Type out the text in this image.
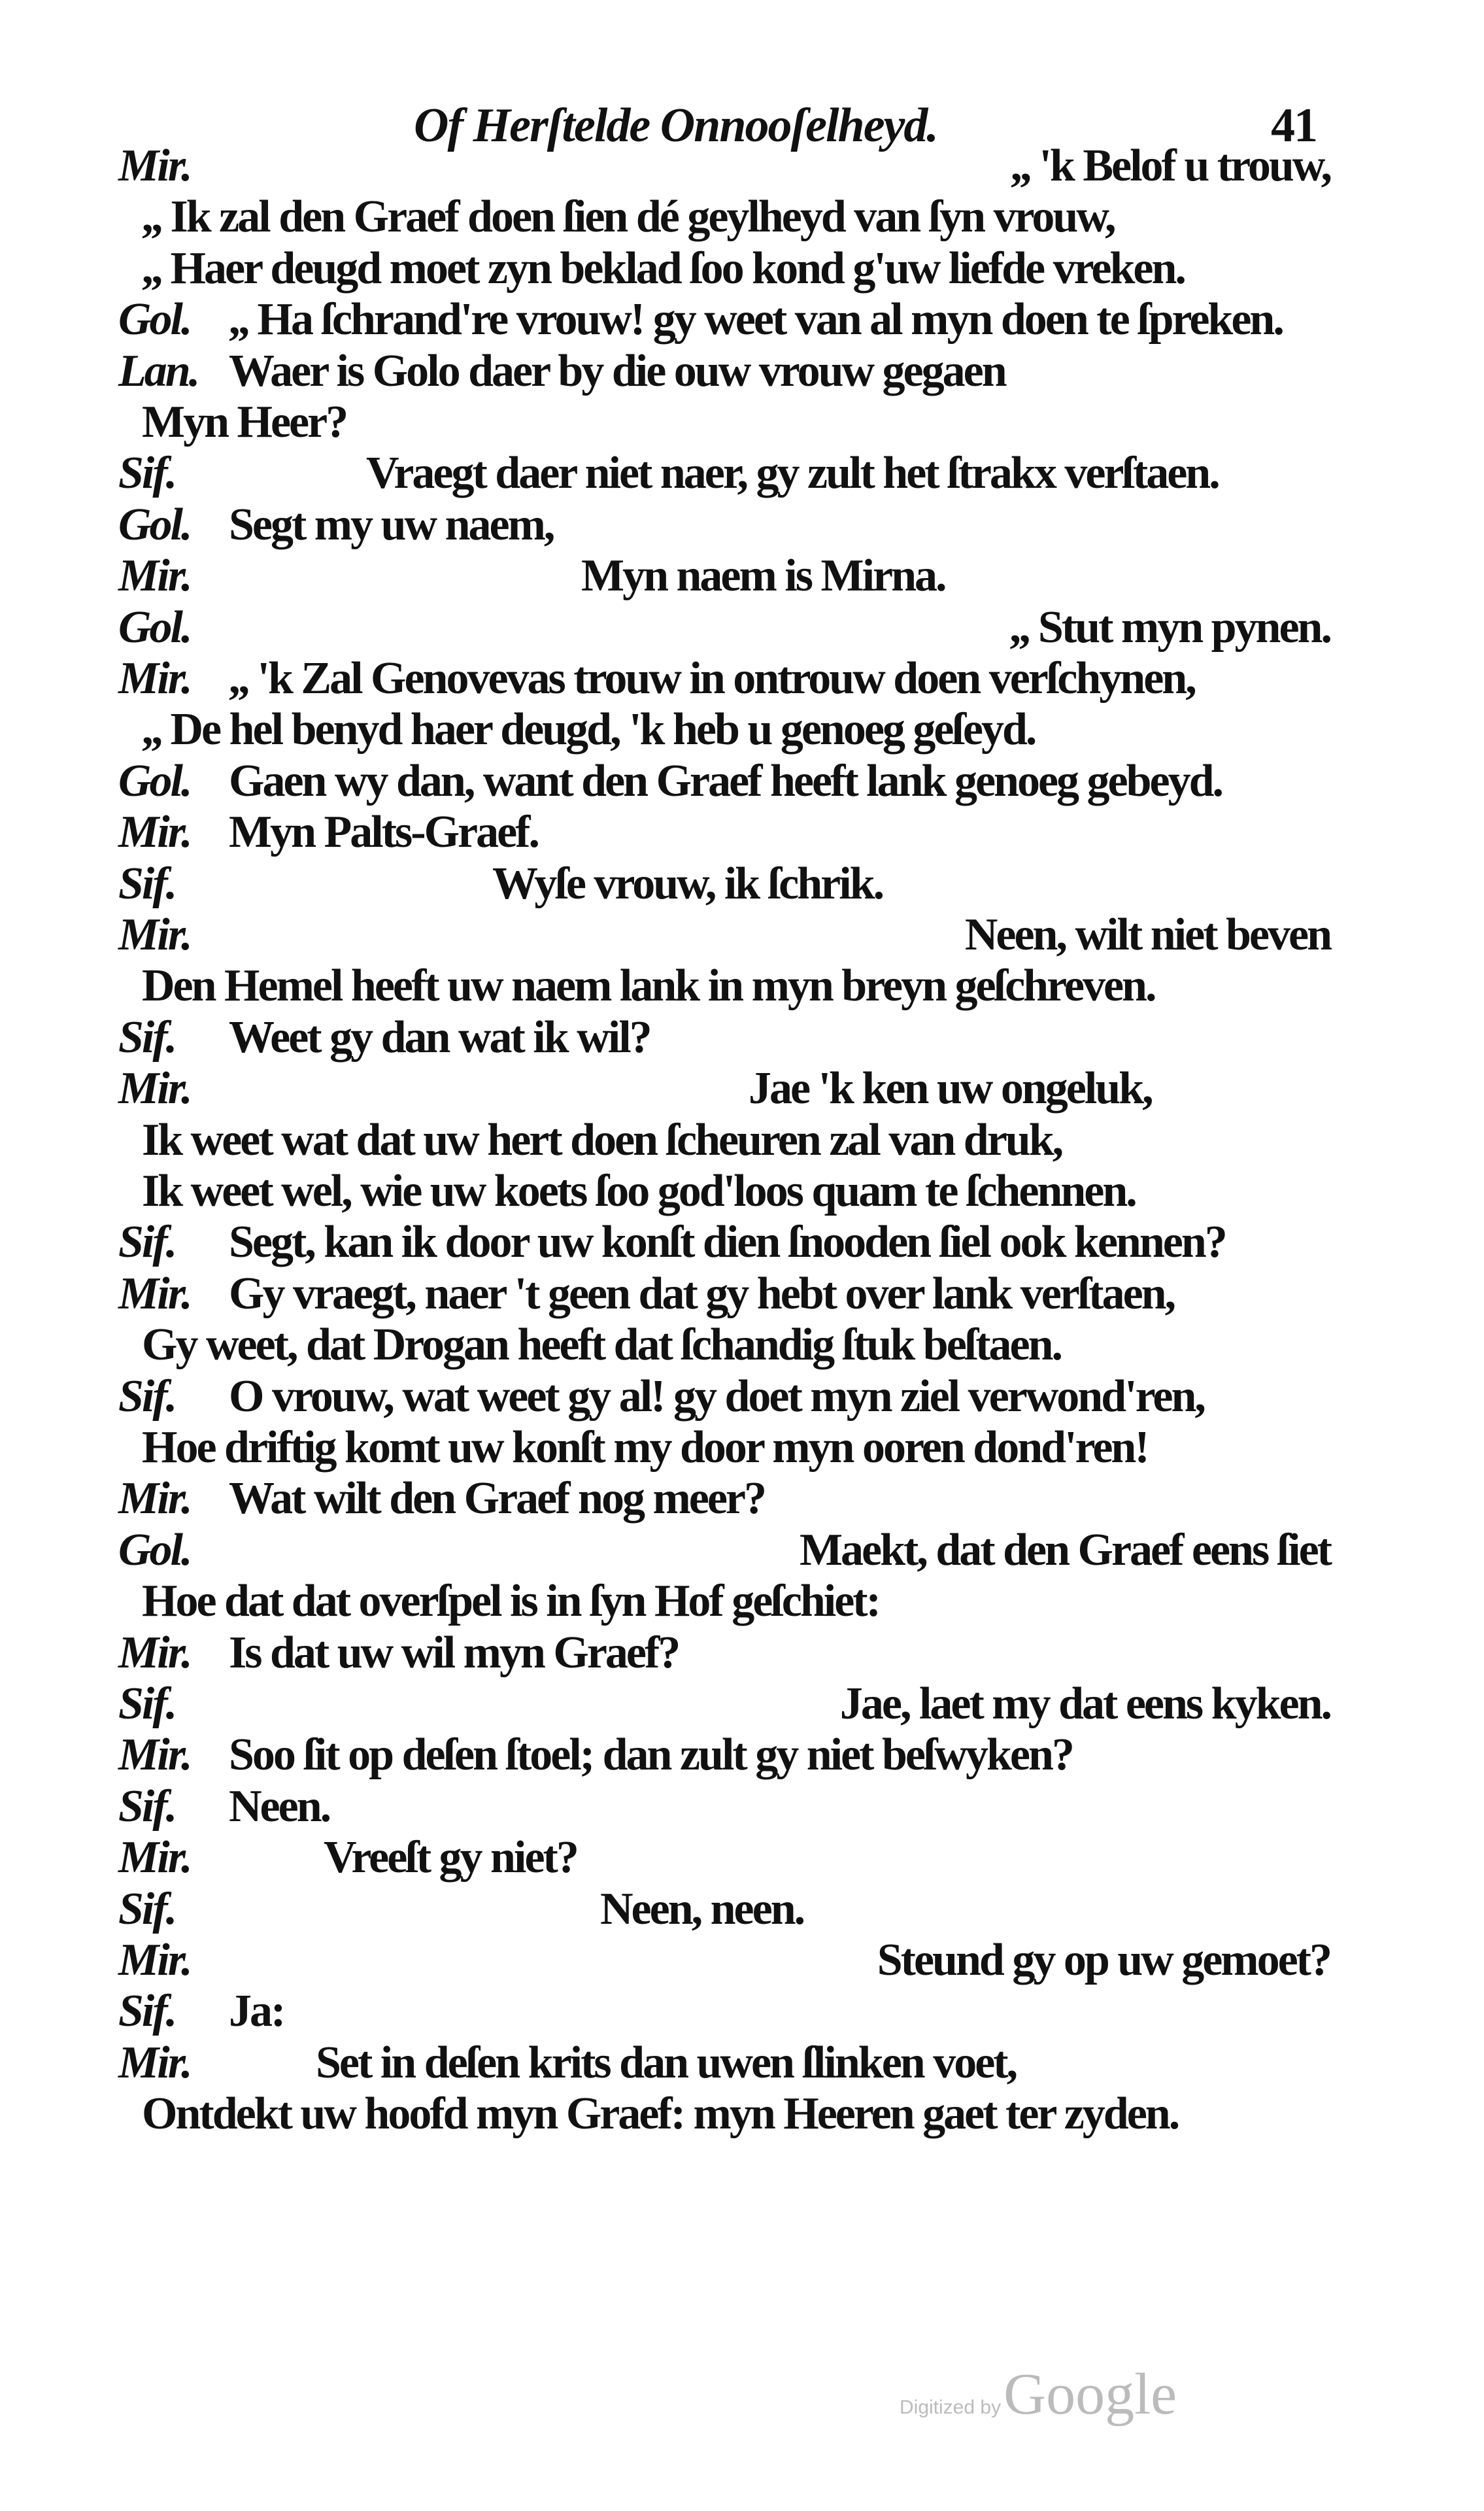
Of Herſtelde Onnooſelheyd.	41
Mir.	,, 'k Belof u trouw,
,, Ik zal den Graef doen ſien dé geylheyd van ſyn vrouw,
,, Haer deugd moet zyn beklad ſoo kond g'uw liefde vreken.
Gol. ,, Ha ſchrand're vrouw! gy weet van al myn doen te ſpreken.
Lan. Waer is Golo daer by die ouw vrouw gegaen
Myn Heer?
Sif.	Vraegt daer niet naer, gy zult het ſtrakx verſtaen.
Gol. Segt my uw naem,
Mir.	Myn naem is Mirna.
Gol.	,, Stut myn pynen.
Mir. ,, 'k Zal Genovevas trouw in ontrouw doen verſchynen,
,, De hel benyd haer deugd, 'k heb u genoeg geſeyd.
Gol. Gaen wy dan, want den Graef heeft lank genoeg gebeyd.
Mir. Myn Palts-Graef.
Sif.	Wyſe vrouw, ik ſchrik.
Mir.	Neen, wilt niet beven
Den Hemel heeft uw naem lank in myn breyn geſchreven.
Sif. Weet gy dan wat ik wil?
Mir.	Jae 'k ken uw ongeluk,
Ik weet wat dat uw hert doen ſcheuren zal van druk,
Ik weet wel, wie uw koets ſoo god'loos quam te ſchennen.
Sif. Segt, kan ik door uw konſt dien ſnooden ſiel ook kennen?
Mir. Gy vraegt, naer 't geen dat gy hebt over lank verſtaen,
Gy weet, dat Drogan heeft dat ſchandig ſtuk beſtaen.
Sif. O vrouw, wat weet gy al! gy doet myn ziel verwond'ren,
Hoe driftig komt uw konſt my door myn ooren dond'ren!
Mir. Wat wilt den Graef nog meer?
Gol.	Maekt, dat den Graef eens ſiet
Hoe dat dat overſpel is in ſyn Hof geſchiet:
Mir. Is dat uw wil myn Graef?
Sif.	Jae, laet my dat eens kyken.
Mir. Soo ſit op deſen ſtoel; dan zult gy niet beſwyken?
Sif. Neen.
Mir.	Vreeſt gy niet?
Sif.	Neen, neen.
Mir.	Steund gy op uw gemoet?
Sif. Ja:
Mir.	Set in deſen krits dan uwen ſlinken voet,
Ontdekt uw hoofd myn Graef: myn Heeren gaet ter zyden.
Digitized by Google
